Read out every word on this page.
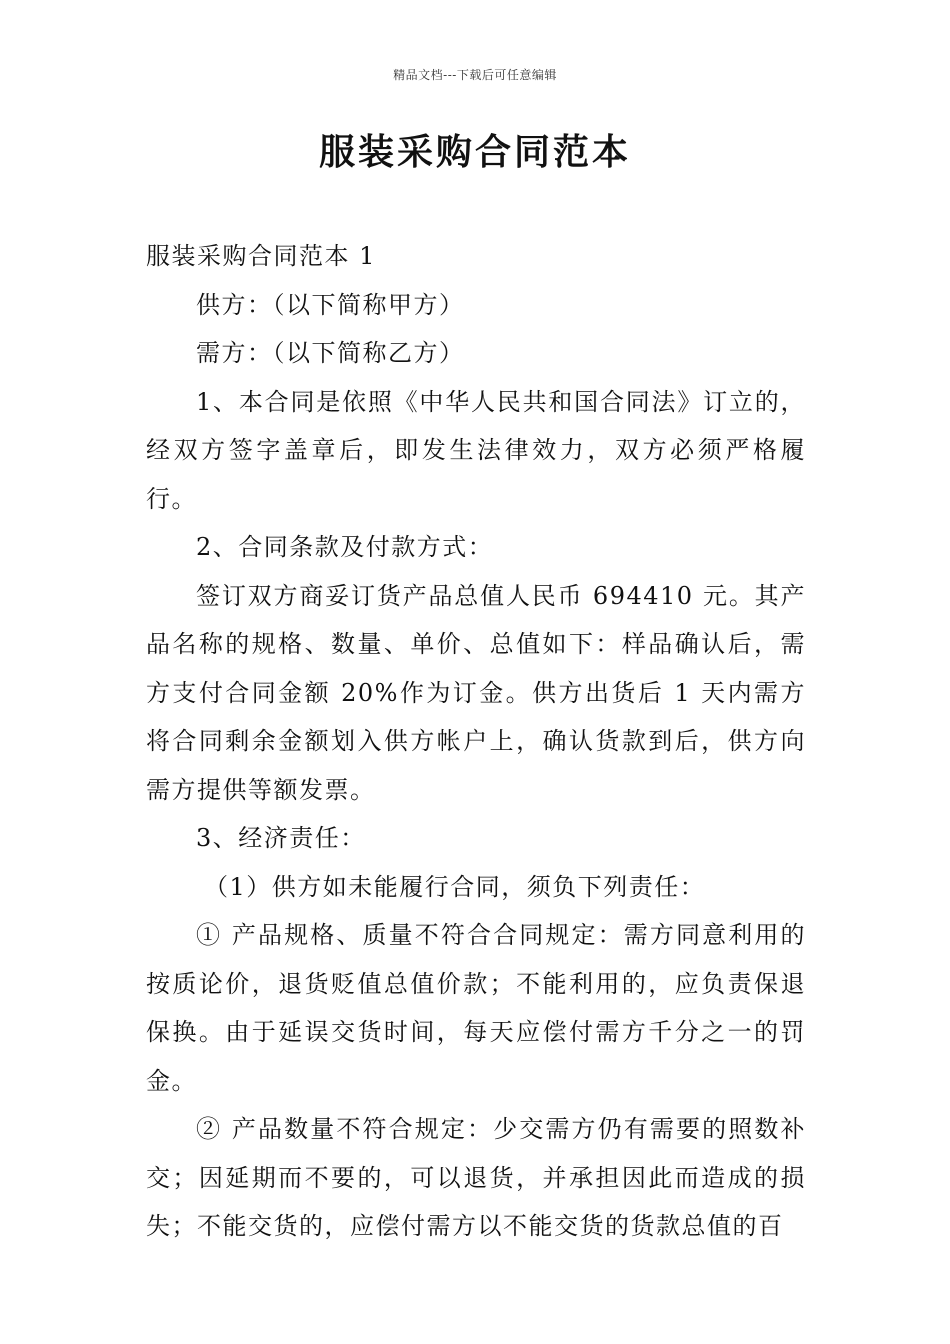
精品文档---下载后可任意编辑
服装采购合同范本

服装采购合同范本 1

供方：（以下简称甲方）

需方：（以下简称乙方）

1、本合同是依照《中华人民共和国合同法》订立的，经双方签字盖章后，即发生法律效力，双方必须严格履行。

2、合同条款及付款方式：

签订双方商妥订货产品总值人民币 694410 元。其产品名称的规格、数量、单价、总值如下：样品确认后，需方支付合同金额 20%作为订金。供方出货后 1 天内需方将合同剩余金额划入供方帐户上，确认货款到后，供方向需方提供等额发票。

3、经济责任：

（1）供方如未能履行合同，须负下列责任：

① 产品规格、质量不符合合同规定：需方同意利用的按质论价，退货贬值总值价款；不能利用的，应负责保退保换。由于延误交货时间，每天应偿付需方千分之一的罚金。

② 产品数量不符合规定：少交需方仍有需要的照数补交；因延期而不要的，可以退货，并承担因此而造成的损失；不能交货的，应偿付需方以不能交货的货款总值的百
